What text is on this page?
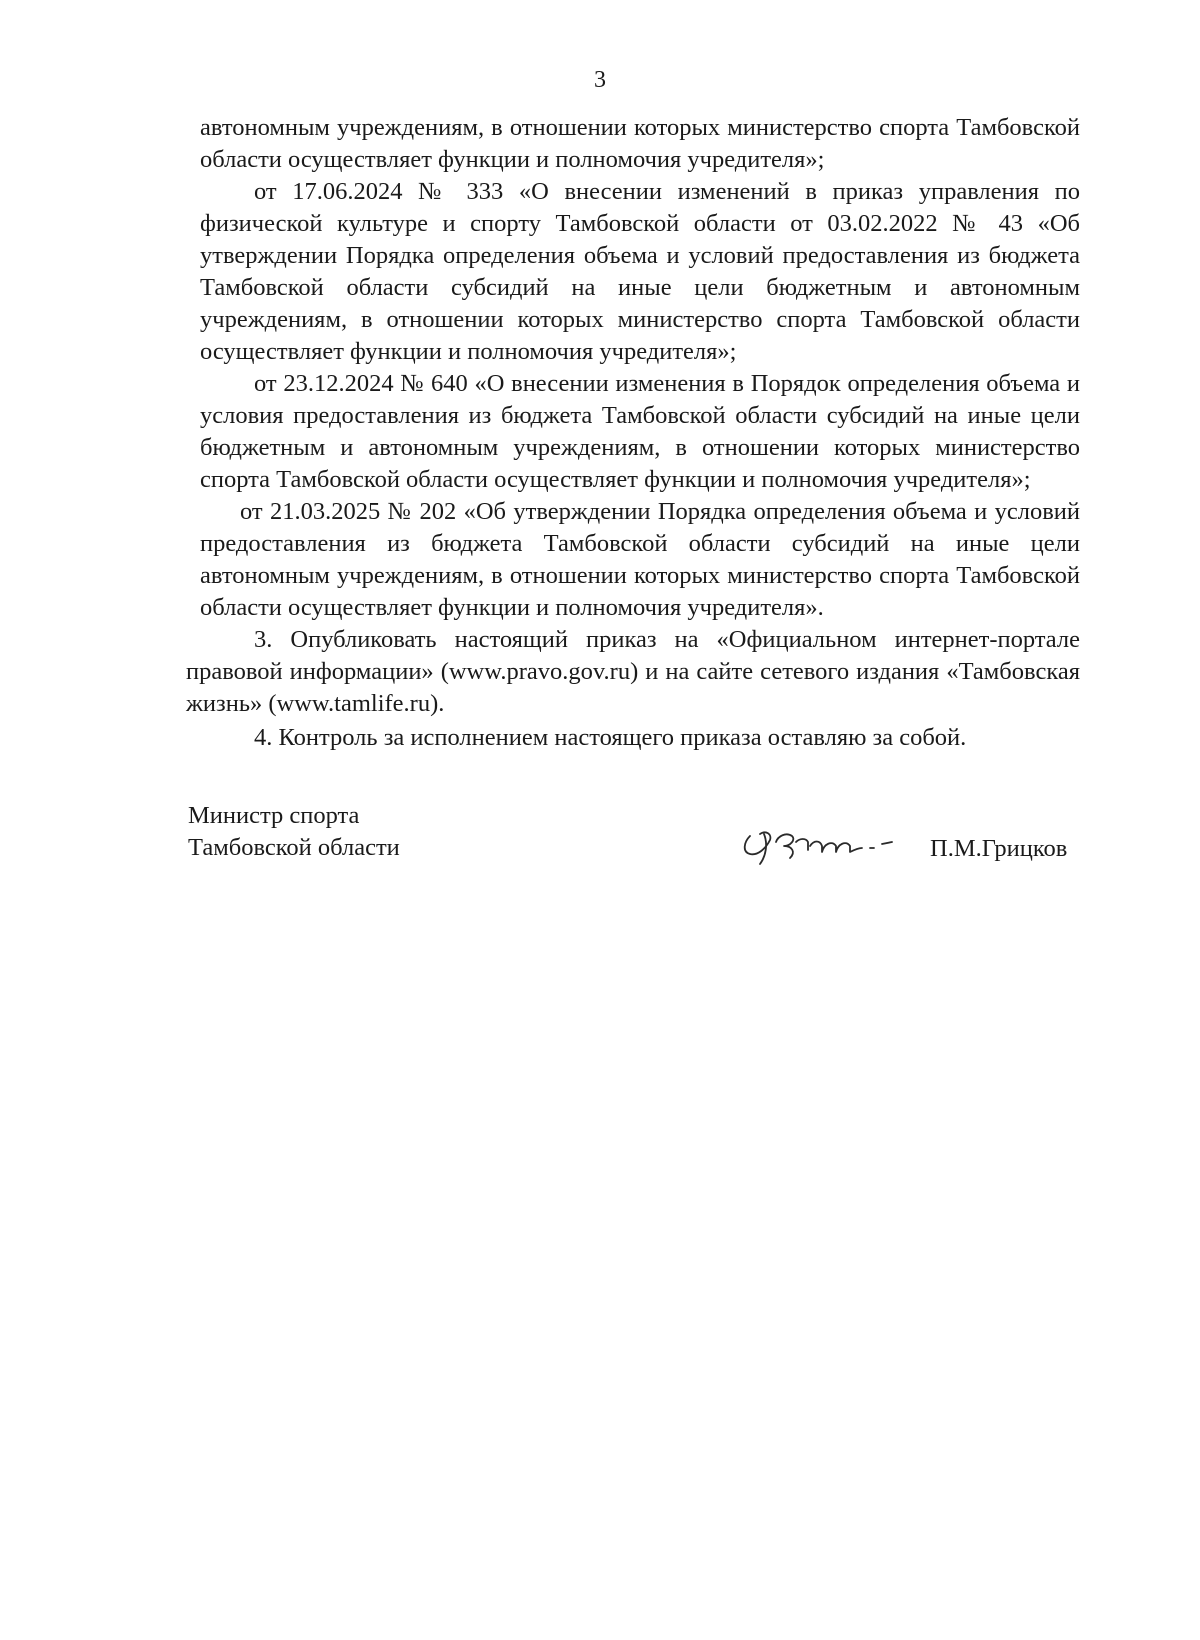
3

автономным учреждениям, в отношении которых министерство спорта Тамбовской области осуществляет функции и полномочия учредителя»;

от 17.06.2024 № 333 «О внесении изменений в приказ управления по физической культуре и спорту Тамбовской области от 03.02.2022 № 43 «Об утверждении Порядка определения объема и условий предоставления из бюджета Тамбовской области субсидий на иные цели бюджетным и автономным учреждениям, в отношении которых министерство спорта Тамбовской области осуществляет функции и полномочия учредителя»;

от 23.12.2024 № 640 «О внесении изменения в Порядок определения объема и условия предоставления из бюджета Тамбовской области субсидий на иные цели бюджетным и автономным учреждениям, в отношении которых министерство спорта Тамбовской области осуществляет функции и полномочия учредителя»;

от 21.03.2025 № 202 «Об утверждении Порядка определения объема и условий предоставления из бюджета Тамбовской области субсидий на иные цели автономным учреждениям, в отношении которых министерство спорта Тамбовской области осуществляет функции и полномочия учредителя».

3. Опубликовать настоящий приказ на «Официальном интернет-портале правовой информации» (www.pravo.gov.ru) и на сайте сетевого издания «Тамбовская жизнь» (www.tamlife.ru).

4. Контроль за исполнением настоящего приказа оставляю за собой.

Министр спорта
Тамбовской области	П.М.Грицков
